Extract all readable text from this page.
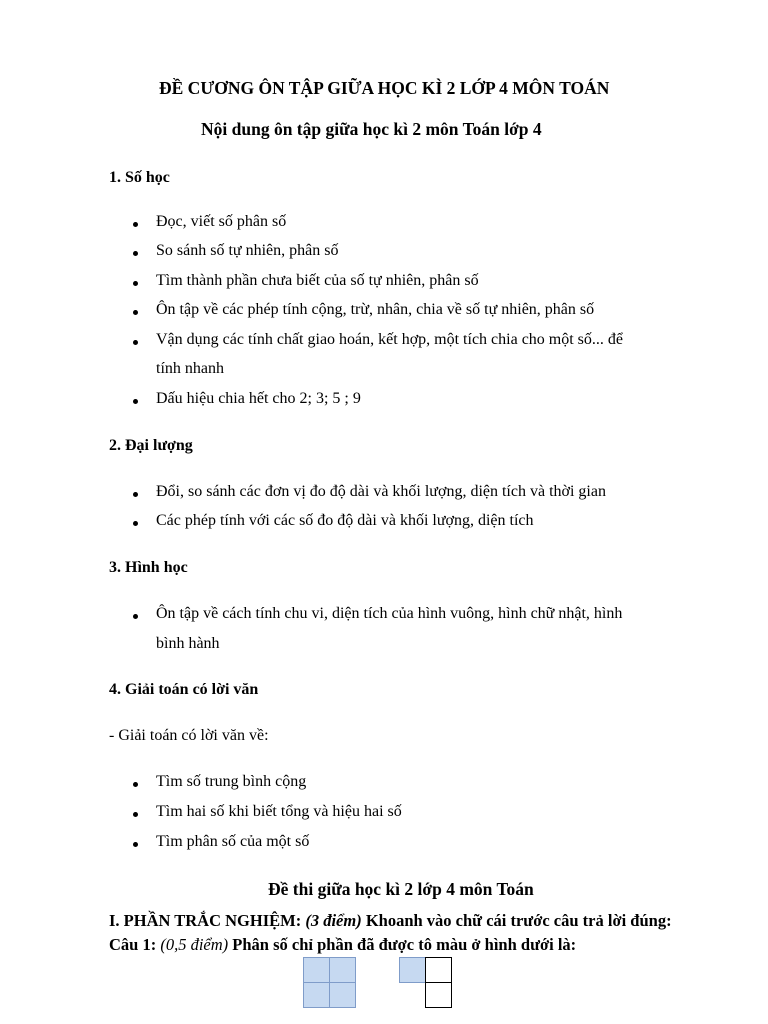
ĐỀ CƯƠNG ÔN TẬP GIỮA HỌC KÌ 2 LỚP 4 MÔN TOÁN
Nội dung ôn tập giữa học kì 2 môn Toán lớp 4
1. Số học
Đọc, viết số phân số
So sánh số tự nhiên, phân số
Tìm thành phần chưa biết của số tự nhiên, phân số
Ôn tập về các phép tính cộng, trừ, nhân, chia về số tự nhiên, phân số
Vận dụng các tính chất giao hoán, kết hợp, một tích chia cho một số... để
tính nhanh
Dấu hiệu chia hết cho 2; 3; 5 ; 9
2. Đại lượng
Đổi, so sánh các đơn vị đo độ dài và khối lượng, diện tích và thời gian
Các phép tính với các số đo độ dài và khối lượng, diện tích
3. Hình học
Ôn tập về cách tính chu vi, diện tích của hình vuông, hình chữ nhật, hình
bình hành
4. Giải toán có lời văn
- Giải toán có lời văn về:
Tìm số trung bình cộng
Tìm hai số khi biết tổng và hiệu hai số
Tìm phân số của một số
Đề thi giữa học kì 2 lớp 4 môn Toán
I. PHẦN TRẮC NGHIỆM: (3 điểm) Khoanh vào chữ cái trước câu trả lời đúng:
Câu 1: (0,5 điểm) Phân số chỉ phần đã được tô màu ở hình dưới là:
